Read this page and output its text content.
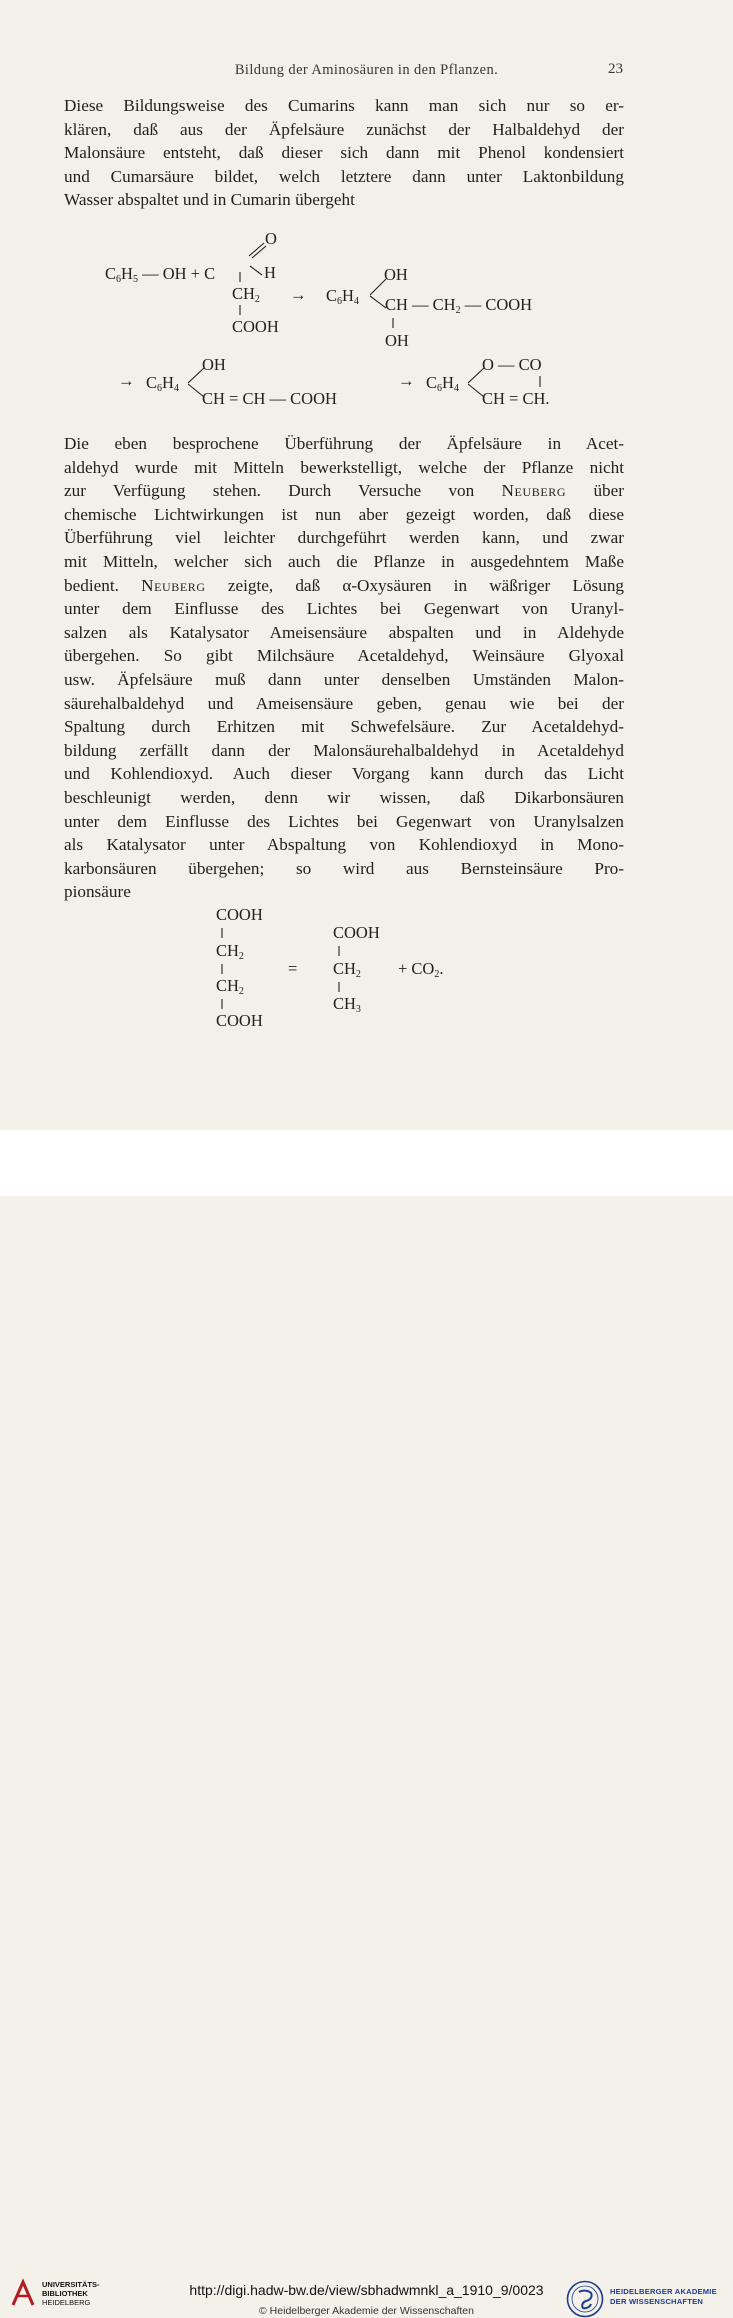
Bildung der Aminosäuren in den Pflanzen.	23
Diese Bildungsweise des Cumarins kann man sich nur so er-
klären, daß aus der Äpfelsäure zunächst der Halbaldehyd der
Malonsäure entsteht, daß dieser sich dann mit Phenol kondensiert
und Cumarsäure bildet, welch letztere dann unter Laktonbildung
Wasser abspaltet und in Cumarin übergeht
$C_6H_5$ — OH + C
O
H
$CH_2$
COOH
→ $C_6H_4$
OH
CH — $CH_2$ — COOH
OH
→ $C_6H_4$
OH
CH = CH — COOH
→ $C_6H_4$
O — CO
CH = CH.
Die eben besprochene Überführung der Äpfelsäure in Acet-
aldehyd wurde mit Mitteln bewerkstelligt, welche der Pflanze nicht
zur Verfügung stehen. Durch Versuche von Neuberg über
chemische Lichtwirkungen ist nun aber gezeigt worden, daß diese
Überführung viel leichter durchgeführt werden kann, und zwar
mit Mitteln, welcher sich auch die Pflanze in ausgedehntem Maße
bedient. Neuberg zeigte, daß α-Oxysäuren in wäßriger Lösung
unter dem Einflusse des Lichtes bei Gegenwart von Uranyl-
salzen als Katalysator Ameisensäure abspalten und in Aldehyde
übergehen. So gibt Milchsäure Acetaldehyd, Weinsäure Glyoxal
usw. Äpfelsäure muß dann unter denselben Umständen Malon-
säurehalbaldehyd und Ameisensäure geben, genau wie bei der
Spaltung durch Erhitzen mit Schwefelsäure. Zur Acetaldehyd-
bildung zerfällt dann der Malonsäurehalbaldehyd in Acetaldehyd
und Kohlendioxyd. Auch dieser Vorgang kann durch das Licht
beschleunigt werden, denn wir wissen, daß Dikarbonsäuren
unter dem Einflusse des Lichtes bei Gegenwart von Uranylsalzen
als Katalysator unter Abspaltung von Kohlendioxyd in Mono-
karbonsäuren übergehen; so wird aus Bernsteinsäure Pro-
pionsäure
COOH
$CH_2$
$CH_2$
COOH
=
COOH
$CH_2$
$CH_3$
+ $CO_2$.
UNIVERSITÄTS-
BIBLIOTHEK
HEIDELBERG
http://digi.hadw-bw.de/view/sbhadwmnkl_a_1910_9/0023
© Heidelberger Akademie der Wissenschaften
HEIDELBERGER AKADEMIE
DER WISSENSCHAFTEN
